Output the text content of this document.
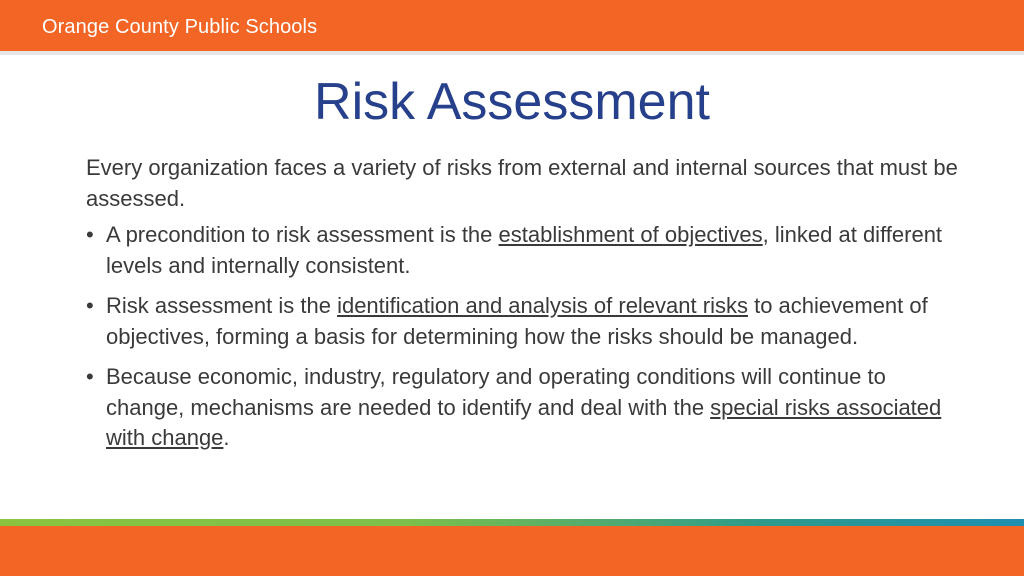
Orange County Public Schools
Risk Assessment

Every organization faces a variety of risks from external and internal sources that must be assessed.

• A precondition to risk assessment is the establishment of objectives, linked at different levels and internally consistent.
• Risk assessment is the identification and analysis of relevant risks to achievement of objectives, forming a basis for determining how the risks should be managed.
• Because economic, industry, regulatory and operating conditions will continue to change, mechanisms are needed to identify and deal with the special risks associated with change.
